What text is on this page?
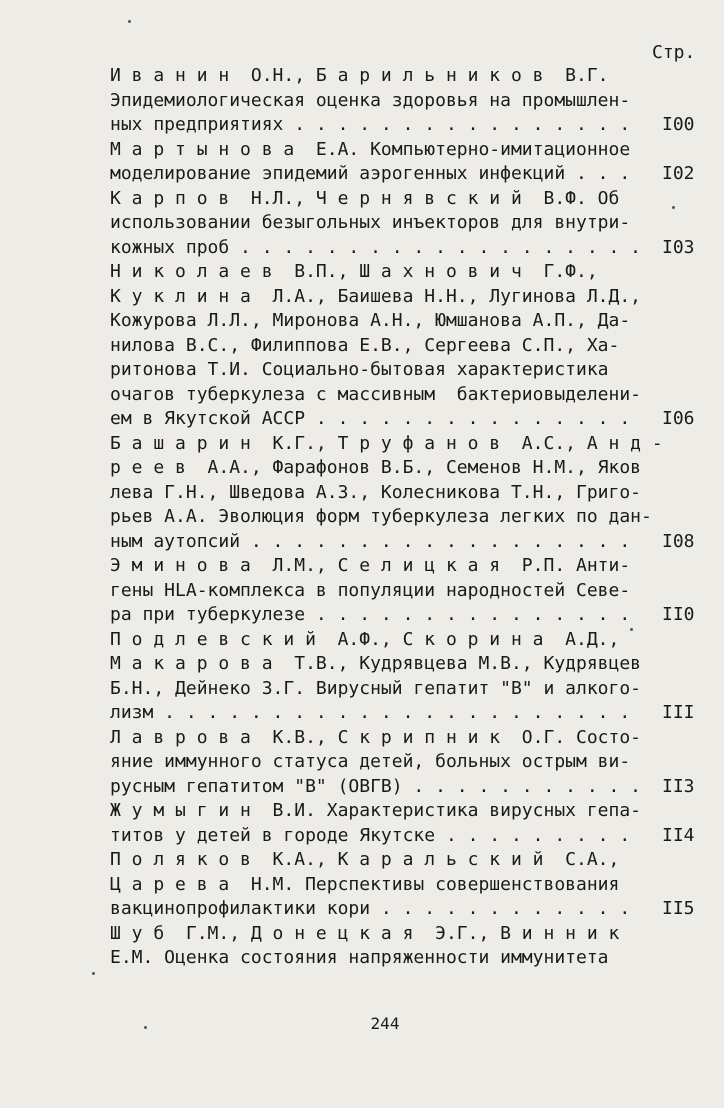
Стр.
И в а н и н  О.Н., Б а р и л ь н и к о в  В.Г.
Эпидемиологическая оценка здоровья на промышлен-
ных предприятиях . . . . . . . . . . . . . . . . I00
М а р т ы н о в а  Е.А. Компьютерно-имитационное
моделирование эпидемий аэрогенных инфекций . . . I02
К а р п о в  Н.Л., Ч е р н я в с к и й  В.Ф. Об
использовании безыгольных инъекторов для внутри-
кожных проб . . . . . . . . . . . . . . . . . . . I03
Н и к о л а е в  В.П., Ш а х н о в и ч  Г.Ф.,
К у к л и н а  Л.А., Баишева Н.Н., Лугинова Л.Д.,
Кожурова Л.Л., Миронова А.Н., Юмшанова А.П., Да-
нилова В.С., Филиппова Е.В., Сергеева С.П., Ха-
ритонова Т.И. Социально-бытовая характеристика
очагов туберкулеза с массивным  бактериовыделени-
ем в Якутской АССР . . . . . . . . . . . . . . . I06
Б а ш а р и н  К.Г., Т р у ф а н о в  А.С., А н д -
р е е в  А.А., Фарафонов В.Б., Семенов Н.М., Яков
лева Г.Н., Шведова А.З., Колесникова Т.Н., Григо-
рьев А.А. Эволюция форм туберкулеза легких по дан-
ным аутопсий . . . . . . . . . . . . . . . . . . I08
Э м и н о в а  Л.М., С е л и ц к а я  Р.П. Анти-
гены HLA-комплекса в популяции народностей Севе-
ра при туберкулезе . . . . . . . . . . . . . . . II0
П о д л е в с к и й  А.Ф., С к о р и н а  А.Д.,
М а к а р о в а  Т.В., Кудрявцева М.В., Кудрявцев
Б.Н., Дейнеко З.Г. Вирусный гепатит "В" и алкого-
лизм . . . . . . . . . . . . . . . . . . . . . . III
Л а в р о в а  К.В., С к р и п н и к  О.Г. Состо-
яние иммунного статуса детей, больных острым ви-
русным гепатитом "В" (ОВГВ) . . . . . . . . . . . II3
Ж у м ы г и н  В.И. Характеристика вирусных гепа-
титов у детей в городе Якутске . . . . . . . . . II4
П о л я к о в  К.А., К а р а л ь с к и й  С.А.,
Ц а р е в а  Н.М. Перспективы совершенствования
вакцинопрофилактики кори . . . . . . . . . . . . II5
Ш у б  Г.М., Д о н е ц к а я  Э.Г., В и н н и к
Е.М. Оценка состояния напряженности иммунитета
244
